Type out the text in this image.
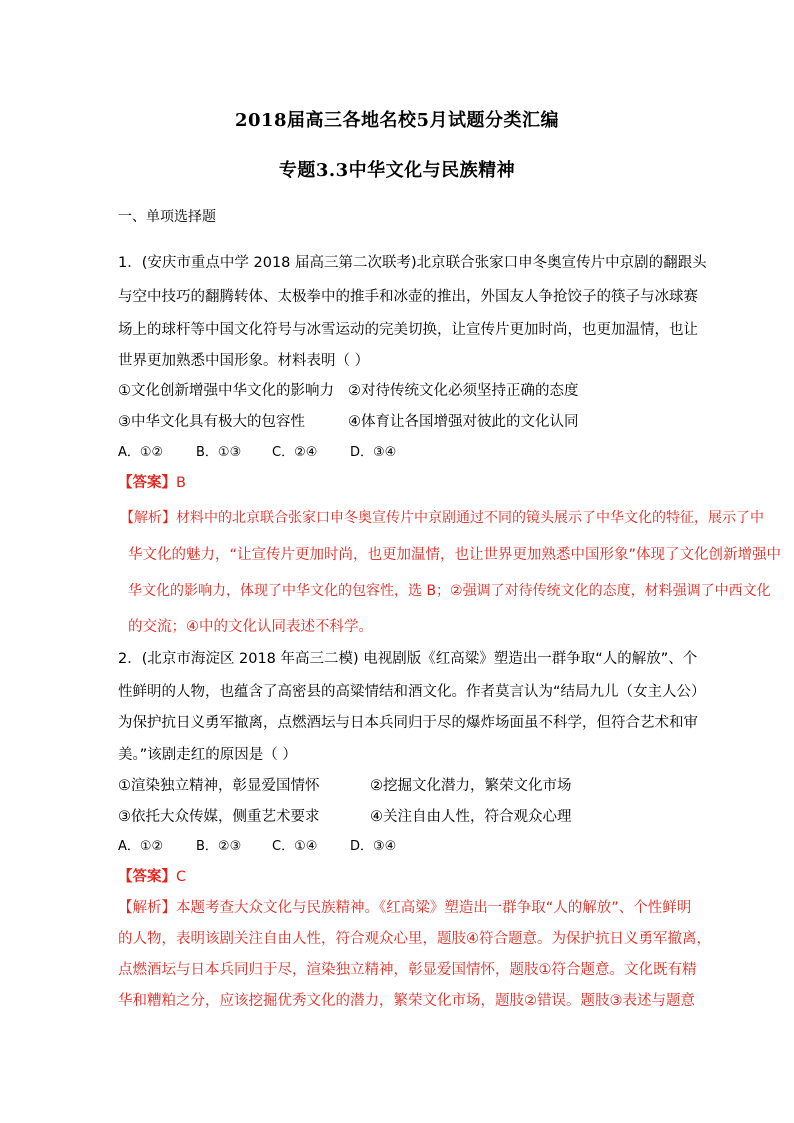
2018届高三各地名校5月试题分类汇编
专题3.3中华文化与民族精神
一、单项选择题
1．(安庆市重点中学 2018 届高三第二次联考)北京联合张家口申冬奥宣传片中京剧的翻跟头
与空中技巧的翻腾转体、太极拳中的推手和冰壶的推出，外国友人争抢饺子的筷子与冰球赛
场上的球杆等中国文化符号与冰雪运动的完美切换，让宣传片更加时尚，也更加温情，也让
世界更加熟悉中国形象。材料表明（ ）
①文化创新增强中华文化的影响力 ②对待传统文化必须坚持正确的态度
③中华文化具有极大的包容性	④体育让各国增强对彼此的文化认同
A．①②	B．①③ C．②④	D．③④
【答案】B
【解析】材料中的北京联合张家口申冬奥宣传片中京剧通过不同的镜头展示了中华文化的特征，展示了中
华文化的魅力，“让宣传片更加时尚，也更加温情，也让世界更加熟悉中国形象”体现了文化创新增强中
华文化的影响力，体现了中华文化的包容性，选 B；②强调了对待传统文化的态度，材料强调了中西文化
的交流；④中的文化认同表述不科学。
2．(北京市海淀区 2018 年高三二模) 电视剧版《红高粱》塑造出一群争取“人的解放”、个
性鲜明的人物，也蕴含了高密县的高粱情结和酒文化。作者莫言认为“结局九儿（女主人公）
为保护抗日义勇军撤离，点燃酒坛与日本兵同归于尽的爆炸场面虽不科学，但符合艺术和审
美。”该剧走红的原因是（ ）
①渲染独立精神，彰显爱国情怀	②挖掘文化潜力，繁荣文化市场
③依托大众传媒，侧重艺术要求	④关注自由人性，符合观众心理
A．①②	B．②③ C．①④	D．③④
【答案】C
【解析】本题考查大众文化与民族精神。《红高粱》塑造出一群争取“人的解放”、个性鲜明
的人物，表明该剧关注自由人性，符合观众心里，题肢④符合题意。为保护抗日义勇军撤离，
点燃酒坛与日本兵同归于尽，渲染独立精神，彰显爱国情怀，题肢①符合题意。文化既有精
华和糟粕之分，应该挖掘优秀文化的潜力，繁荣文化市场，题肢②错误。题肢③表述与题意
